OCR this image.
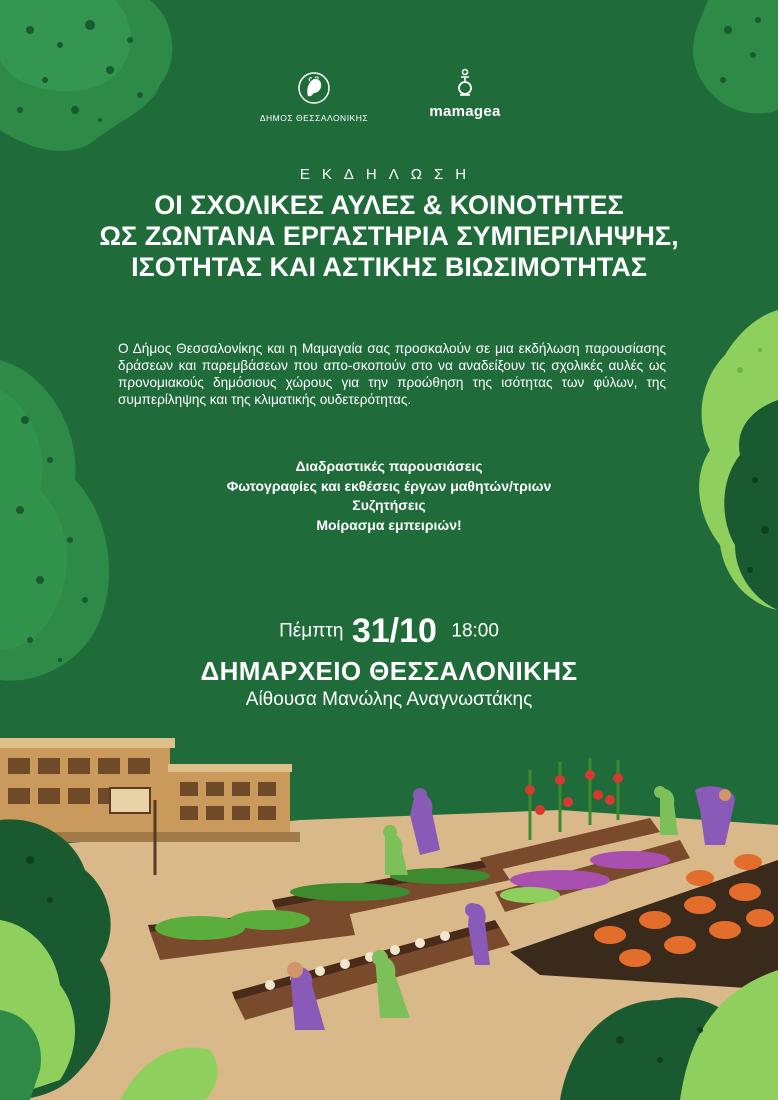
ΔΗΜΟΣ ΘΕΣΣΑΛΟΝΙΚΗΣ	mamagea
ΕΚΔΗΛΩΣΗ
ΟΙ ΣΧΟΛΙΚΕΣ ΑΥΛΕΣ & ΚΟΙΝΟΤΗΤΕΣ
ΩΣ ΖΩΝΤΑΝΑ ΕΡΓΑΣΤΗΡΙΑ ΣΥΜΠΕΡΙΛΗΨΗΣ,
ΙΣΟΤΗΤΑΣ ΚΑΙ ΑΣΤΙΚΗΣ ΒΙΩΣΙΜΟΤΗΤΑΣ

Ο Δήμος Θεσσαλονίκης και η Μαμαγαία σας προσκαλούν σε μια εκδήλωση παρουσίασης δράσεων και παρεμβάσεων που απο-σκοπούν στο να αναδείξουν τις σχολικές αυλές ως προνομιακούς δημόσιους χώρους για την προώθηση της ισότητας των φύλων, της συμπερίληψης και της κλιματικής ουδετερότητας.

Διαδραστικές παρουσιάσεις
Φωτογραφίες και εκθέσεις έργων μαθητών/τριων
Συζητήσεις
Μοίρασμα εμπειριών!
Πέμπτη 31/10 18:00
ΔΗΜΑΡΧΕΙΟ ΘΕΣΣΑΛΟΝΙΚΗΣ
Αίθουσα Μανώλης Αναγνωστάκης
